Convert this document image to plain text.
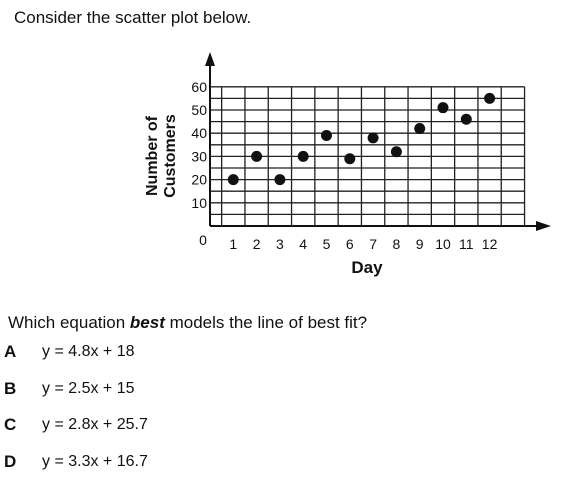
Consider the scatter plot below.
10
20
30
40
50
60
1 2 3 4 5 6 7 8 9 10 11 12
0
Day
Number ofCustomers
Which equation best models the line of best fit?
A	y = 4.8x + 18
B	y = 2.5x + 15
C	y = 2.8x + 25.7
D	y = 3.3x + 16.7
